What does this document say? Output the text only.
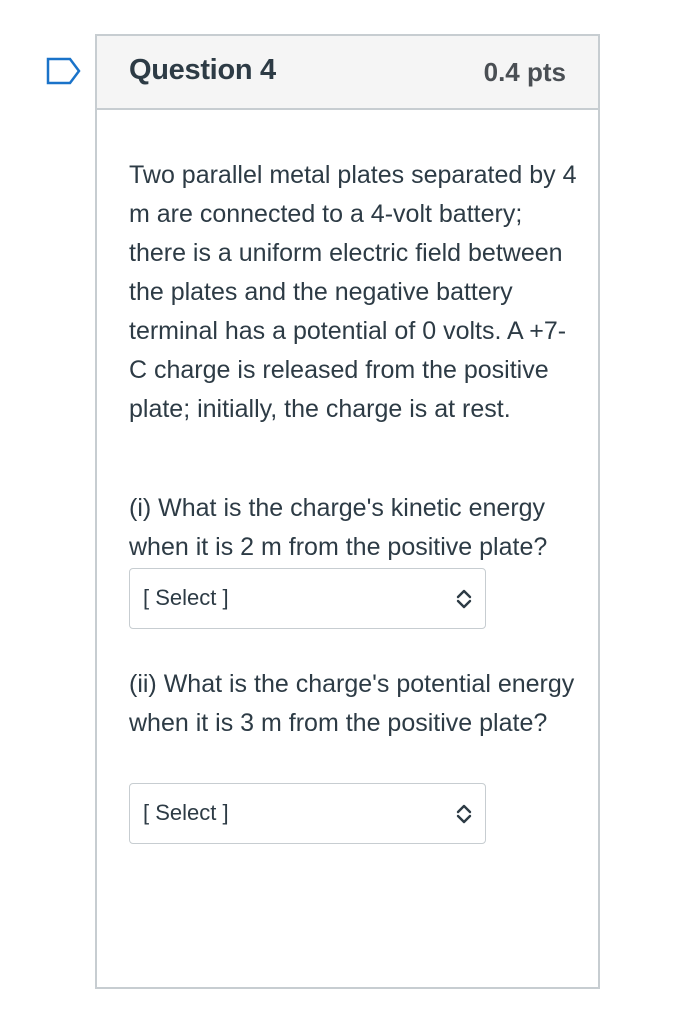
Question 4	0.4 pts

Two parallel metal plates separated by 4 m are connected to a 4-volt battery; there is a uniform electric field between the plates and the negative battery terminal has a potential of 0 volts. A +7-C charge is released from the positive plate; initially, the charge is at rest.

(i) What is the charge's kinetic energy when it is 2 m from the positive plate?

[ Select ]

(ii) What is the charge's potential energy when it is 3 m from the positive plate?

[ Select ]
